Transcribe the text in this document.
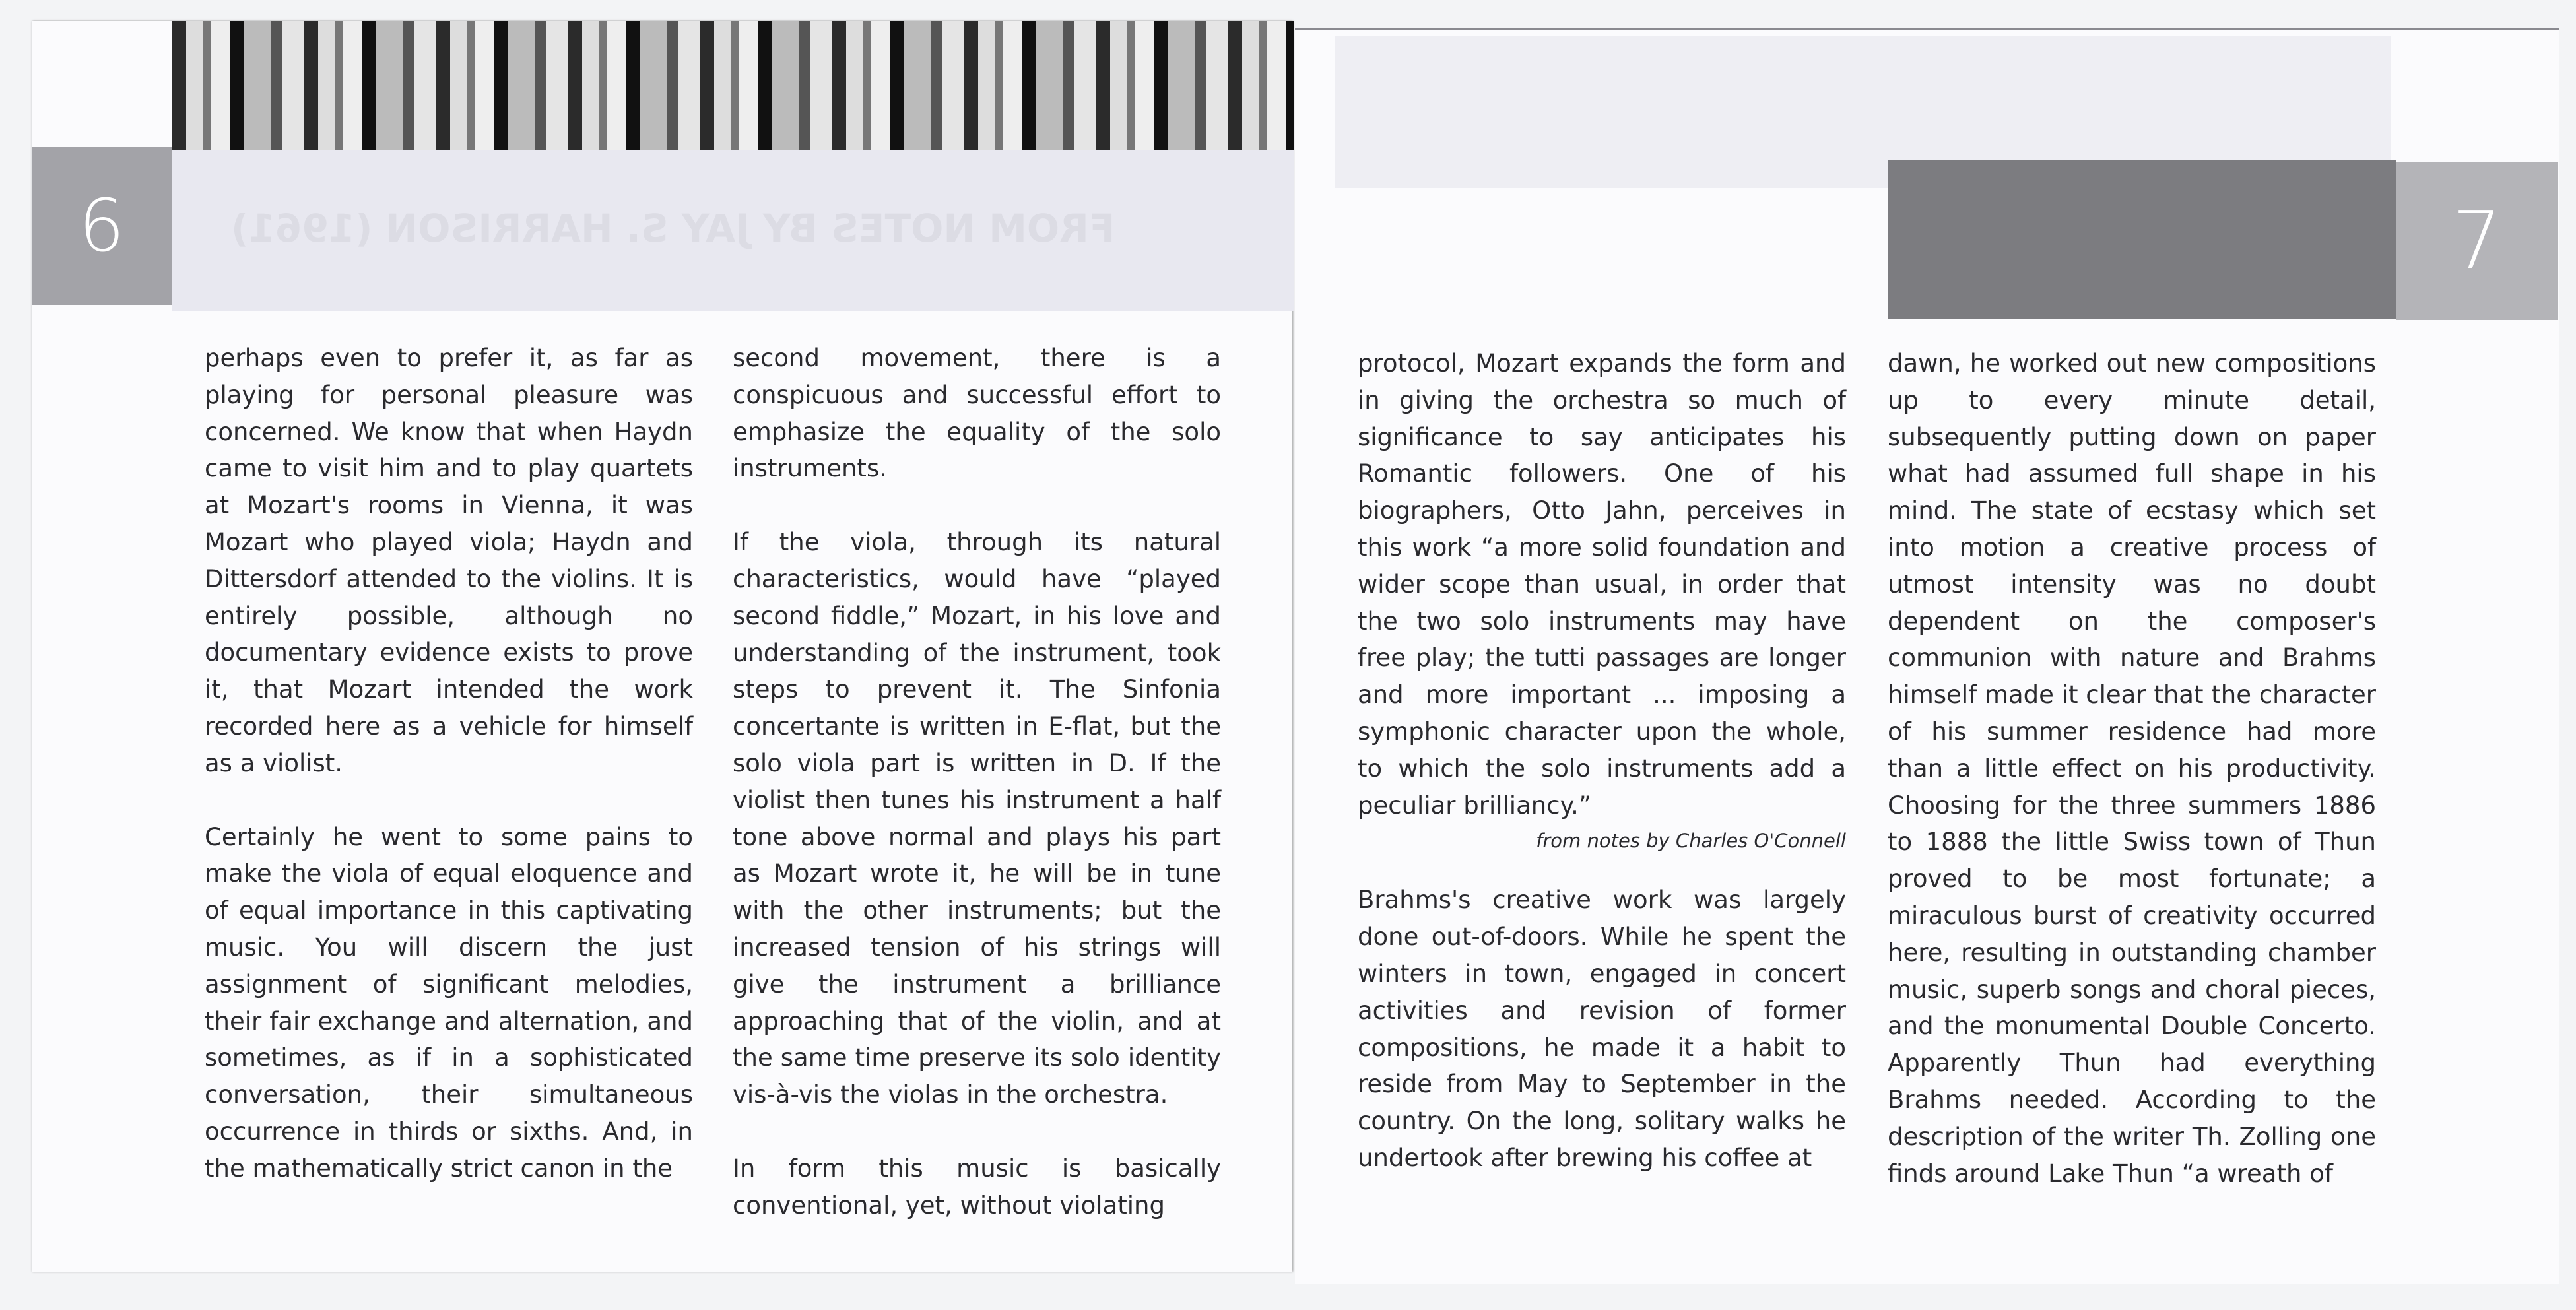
FROM NOTES BY JAY S. HARRISON (1961)
6

perhaps even to prefer it, as far as playing for personal pleasure was concerned. We know that when Haydn came to visit him and to play quartets at Mozart's rooms in Vienna, it was Mozart who played viola; Haydn and Dittersdorf attended to the violins. It is entirely possible, although no documentary evidence exists to prove it, that Mozart intended the work recorded here as a vehicle for himself as a violist.

Certainly he went to some pains to make the viola of equal eloquence and of equal importance in this captivating music. You will discern the just assignment of significant melodies, their fair exchange and alternation, and sometimes, as if in a sophisticated conversation, their simultaneous occurrence in thirds or sixths. And, in the mathematically strict canon in the

second movement, there is a conspicuous and successful effort to emphasize the equality of the solo instruments.

If the viola, through its natural characteristics, would have “played second fiddle,” Mozart, in his love and understanding of the instrument, took steps to prevent it. The Sinfonia concertante is written in E-flat, but the solo viola part is written in D. If the violist then tunes his instrument a half tone above normal and plays his part as Mozart wrote it, he will be in tune with the other instruments; but the increased tension of his strings will give the instrument a brilliance approaching that of the violin, and at the same time preserve its solo identity vis-à-vis the violas in the orchestra.

In form this music is basically conventional, yet, without violating

7

protocol, Mozart expands the form and in giving the orchestra so much of significance to say anticipates his Romantic followers. One of his biographers, Otto Jahn, perceives in this work “a more solid foundation and wider scope than usual, in order that the two solo instruments may have free play; the tutti passages are longer and more important ... imposing a symphonic character upon the whole, to which the solo instruments add a peculiar brilliancy.”

from notes by Charles O'Connell

Brahms's creative work was largely done out-of-doors. While he spent the winters in town, engaged in concert activities and revision of former compositions, he made it a habit to reside from May to September in the country. On the long, solitary walks he undertook after brewing his coffee at

dawn, he worked out new compositions up to every minute detail, subsequently putting down on paper what had assumed full shape in his mind. The state of ecstasy which set into motion a creative process of utmost intensity was no doubt dependent on the composer's communion with nature and Brahms himself made it clear that the character of his summer residence had more than a little effect on his productivity. Choosing for the three summers 1886 to 1888 the little Swiss town of Thun proved to be most fortunate; a miraculous burst of creativity occurred here, resulting in outstanding chamber music, superb songs and choral pieces, and the monumental Double Concerto. Apparently Thun had everything Brahms needed. According to the description of the writer Th. Zolling one finds around Lake Thun “a wreath of
